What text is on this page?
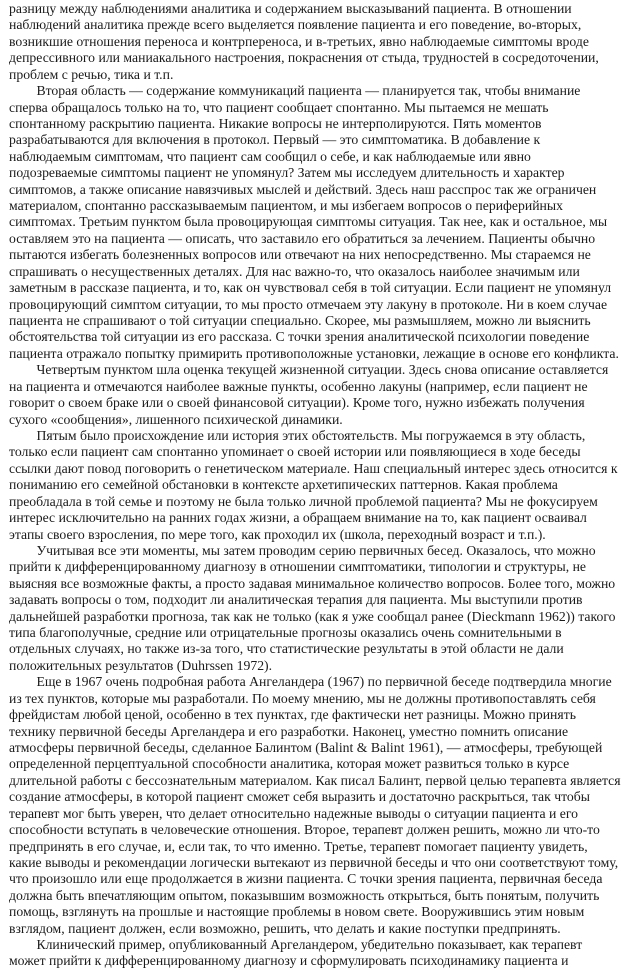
разницу между наблюдениями аналитика и содержанием высказываний пациента. В отношении
наблюдений аналитика прежде всего выделяется появление пациента и его поведение, во-вторых,
возникшие отношения переноса и контрпереноса, и в-третьих, явно наблюдаемые симптомы вроде
депрессивного или маниакального настроения, покраснения от стыда, трудностей в сосредоточении,
проблем с речью, тика и т.п.
Вторая область — содержание коммуникаций пациента — планируется так, чтобы внимание
сперва обращалось только на то, что пациент сообщает спонтанно. Мы пытаемся не мешать
спонтанному раскрытию пациента. Никакие вопросы не интерполируются. Пять моментов
разрабатываются для включения в протокол. Первый — это симптоматика. В добавление к
наблюдаемым симптомам, что пациент сам сообщил о себе, и как наблюдаемые или явно
подозреваемые симптомы пациент не упомянул? Затем мы исследуем длительность и характер
симптомов, а также описание навязчивых мыслей и действий. Здесь наш расспрос так же ограничен
материалом, спонтанно рассказываемым пациентом, и мы избегаем вопросов о периферийных
симптомах. Третьим пунктом была провоцирующая симптомы ситуация. Так нее, как и остальное, мы
оставляем это на пациента — описать, что заставило его обратиться за лечением. Пациенты обычно
пытаются избегать болезненных вопросов или отвечают на них непосредственно. Мы стараемся не
спрашивать о несущественных деталях. Для нас важно-то, что оказалось наиболее значимым или
заметным в рассказе пациента, и то, как он чувствовал себя в той ситуации. Если пациент не упомянул
провоцирующий симптом ситуации, то мы просто отмечаем эту лакуну в протоколе. Ни в коем случае
пациента не спрашивают о той ситуации специально. Скорее, мы размышляем, можно ли выяснить
обстоятельства той ситуации из его рассказа. С точки зрения аналитической психологии поведение
пациента отражало попытку примирить противоположные установки, лежащие в основе его конфликта.
Четвертым пунктом шла оценка текущей жизненной ситуации. Здесь снова описание оставляется
на пациента и отмечаются наиболее важные пункты, особенно лакуны (например, если пациент не
говорит о своем браке или о своей финансовой ситуации). Кроме того, нужно избежать получения
сухого «сообщения», лишенного психической динамики.
Пятым было происхождение или история этих обстоятельств. Мы погружаемся в эту область,
только если пациент сам спонтанно упоминает о своей истории или появляющиеся в ходе беседы
ссылки дают повод поговорить о генетическом материале. Наш специальный интерес здесь относится к
пониманию его семейной обстановки в контексте архетипических паттернов. Какая проблема
преобладала в той семье и поэтому не была только личной проблемой пациента? Мы не фокусируем
интерес исключительно на ранних годах жизни, а обращаем внимание на то, как пациент осваивал
этапы своего взросления, по мере того, как проходил их (школа, переходный возраст и т.п.).
Учитывая все эти моменты, мы затем проводим серию первичных бесед. Оказалось, что можно
прийти к дифференцированному диагнозу в отношении симптоматики, типологии и структуры, не
выясняя все возможные факты, а просто задавая минимальное количество вопросов. Более того, можно
задавать вопросы о том, подходит ли аналитическая терапия для пациента. Мы выступили против
дальнейшей разработки прогноза, так как не только (как я уже сообщал ранее (Dieckmann 1962)) такого
типа благополучные, средние или отрицательные прогнозы оказались очень сомнительными в
отдельных случаях, но также из-за того, что статистические результаты в этой области не дали
положительных результатов (Duhrssen 1972).
Еще в 1967 очень подробная работа Ангеландера (1967) по первичной беседе подтвердила многие
из тех пунктов, которые мы разработали. По моему мнению, мы не должны противопоставлять себя
фрейдистам любой ценой, особенно в тех пунктах, где фактически нет разницы. Можно принять
технику первичной беседы Аргеландера и его разработки. Наконец, уместно помнить описание
атмосферы первичной беседы, сделанное Балинтом (Balint & Balint 1961), — атмосферы, требующей
определенной перцептуальной способности аналитика, которая может развиться только в курсе
длительной работы с бессознательным материалом. Как писал Балинт, первой целью терапевта является
создание атмосферы, в которой пациент сможет себя выразить и достаточно раскрыться, так чтобы
терапевт мог быть уверен, что делает относительно надежные выводы о ситуации пациента и его
способности вступать в человеческие отношения. Второе, терапевт должен решить, можно ли что-то
предпринять в его случае, и, если так, то что именно. Третье, терапевт помогает пациенту увидеть,
какие выводы и рекомендации логически вытекают из первичной беседы и что они соответствуют тому,
что произошло или еще продолжается в жизни пациента. С точки зрения пациента, первичная беседа
должна быть впечатляющим опытом, показывшим возможность открыться, быть понятым, получить
помощь, взглянуть на прошлые и настоящие проблемы в новом свете. Вооружившись этим новым
взглядом, пациент должен, если возможно, решить, что делать и какие поступки предпринять.
Клинический пример, опубликованный Аргеландером, убедительно показывает, как терапевт
может прийти к дифференцированному диагнозу и сформулировать психодинамику пациента и
